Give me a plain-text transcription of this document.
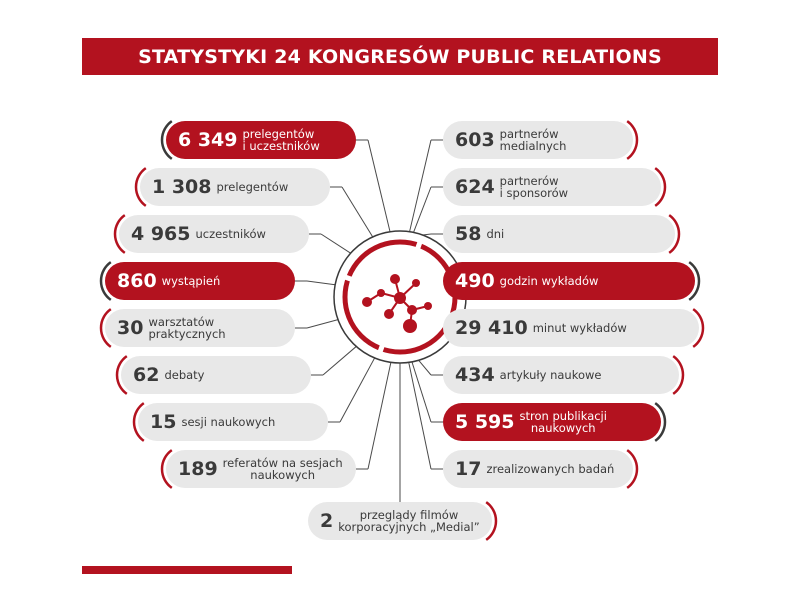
STATYSTYKI 24 KONGRESÓW PUBLIC RELATIONS
6 349 prelegentów
i uczestników
1 308 prelegentów
4 965 uczestników
860 wystąpień
30 warsztatów
praktycznych
62 debaty
15 sesji naukowych
189 referatów na sesjach
naukowych
603 partnerów
medialnych
624 partnerów
i sponsorów
58 dni
490 godzin wykładów
29 410 minut wykładów
434 artykuły naukowe
5 595 stron publikacji
naukowych
17 zrealizowanych badań
2	przeglądy filmów
korporacyjnych „Medial”
